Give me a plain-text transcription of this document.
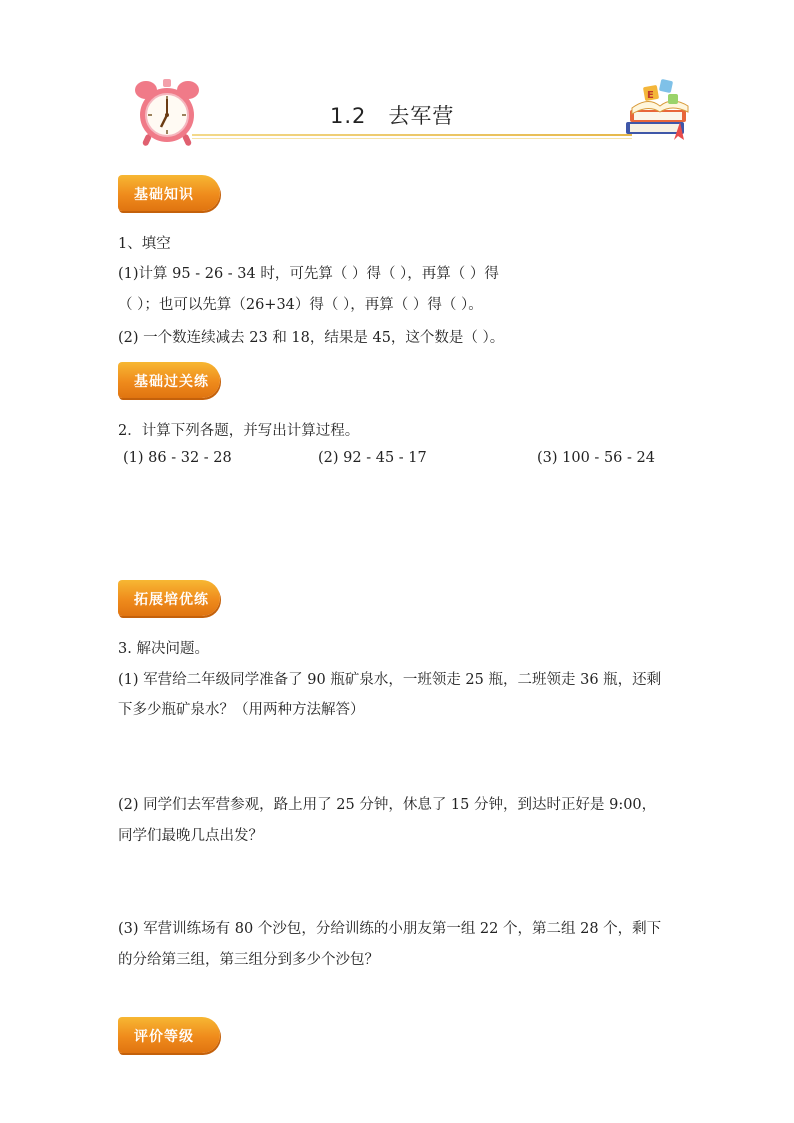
E
1.2 去军营
基础知识
1、填空
(1)计算 95 - 26 - 34 时，可先算（ ）得（ ），再算（ ）得
（ ）；也可以先算（26+34）得（ ），再算（ ）得（ ）。
(2) 一个数连续减去 23 和 18，结果是 45，这个数是（ ）。
基础过关练
2．计算下列各题，并写出计算过程。
(1) 86 - 32 - 28	(2) 92 - 45 - 17	(3) 100 - 56 - 24
拓展培优练
3. 解决问题。
(1) 军营给二年级同学准备了 90 瓶矿泉水，一班领走 25 瓶，二班领走 36 瓶，还剩
下多少瓶矿泉水？（用两种方法解答）
(2) 同学们去军营参观，路上用了 25 分钟，休息了 15 分钟，到达时正好是 9:00，
同学们最晚几点出发？
(3) 军营训练场有 80 个沙包，分给训练的小朋友第一组 22 个，第二组 28 个，剩下
的分给第三组，第三组分到多少个沙包？
评价等级
